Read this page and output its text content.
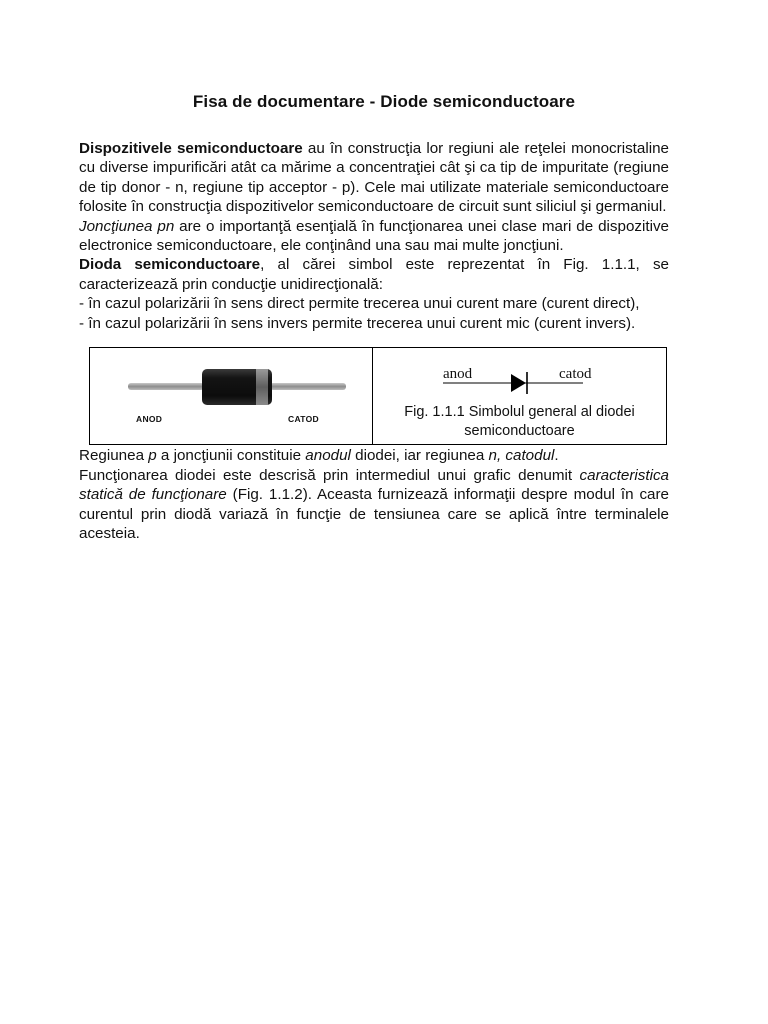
Fisa de documentare - Diode semiconductoare

Dispozitivele semiconductoare au în construcţia lor regiuni ale reţelei monocristaline cu diverse impurificări atât ca mărime a concentraţiei cât şi ca tip de impuritate (regiune de tip donor - n, regiune tip acceptor - p). Cele mai utilizate materiale semiconductoare folosite în construcţia dispozitivelor semiconductoare de circuit sunt siliciul şi germaniul.

Joncţiunea pn are o importanţă esenţială în funcţionarea unei clase mari de dispozitive electronice semiconductoare, ele conţinând una sau mai multe joncţiuni.

Dioda semiconductoare, al cărei simbol este reprezentat în Fig. 1.1.1, se caracterizează prin conducţie unidirecţională:

- în cazul polarizării în sens direct permite trecerea unui curent mare (curent direct),

- în cazul polarizării în sens invers permite trecerea unui curent mic (curent invers).

ANOD	CATOD
anod	catod
Fig. 1.1.1 Simbolul general al diodei
semiconductoare

Regiunea p a joncţiunii constituie anodul diodei, iar regiunea n, catodul.

Funcţionarea diodei este descrisă prin intermediul unui grafic denumit caracteristica statică de funcţionare (Fig. 1.1.2). Aceasta furnizează informaţii despre modul în care curentul prin diodă variază în funcţie de tensiunea care se aplică între terminalele acesteia.
